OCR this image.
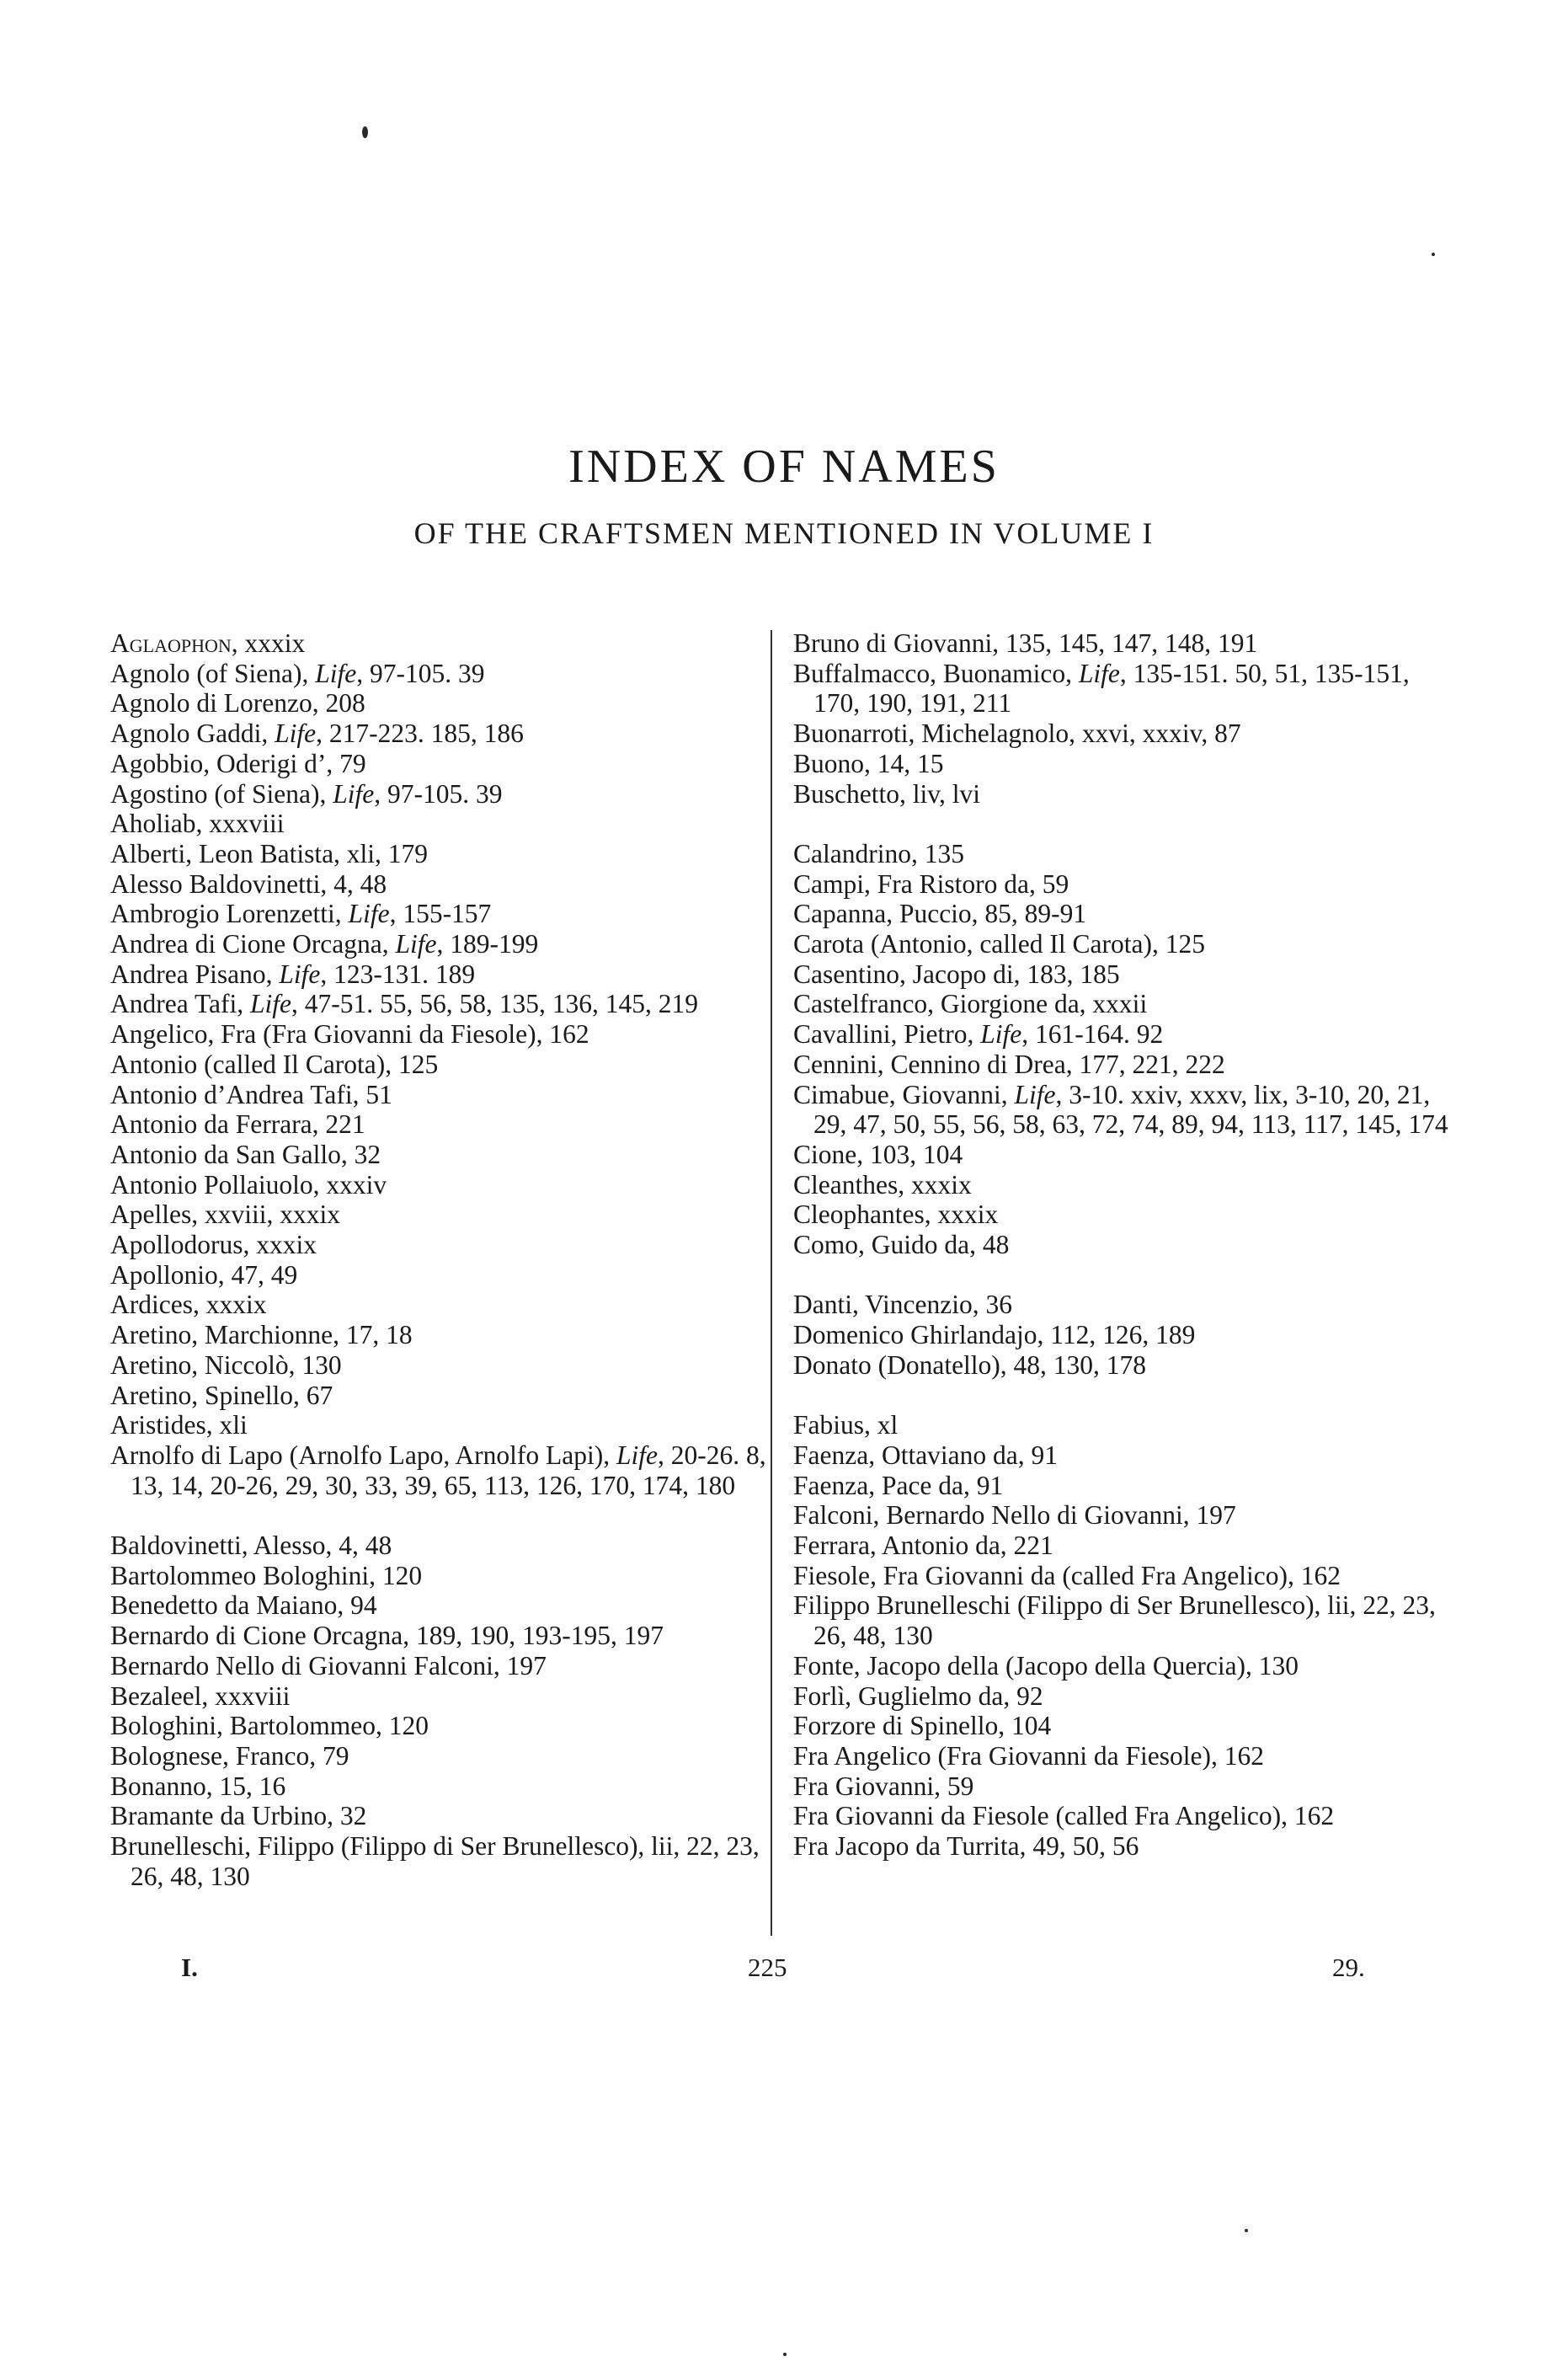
INDEX OF NAMES
OF THE CRAFTSMEN MENTIONED IN VOLUME I
Aglaophon, xxxix
Agnolo (of Siena), Life, 97-105. 39
Agnolo di Lorenzo, 208
Agnolo Gaddi, Life, 217-223. 185, 186
Agobbio, Oderigi d’, 79
Agostino (of Siena), Life, 97-105. 39
Aholiab, xxxviii
Alberti, Leon Batista, xli, 179
Alesso Baldovinetti, 4, 48
Ambrogio Lorenzetti, Life, 155-157
Andrea di Cione Orcagna, Life, 189-199
Andrea Pisano, Life, 123-131. 189
Andrea Tafi, Life, 47-51. 55, 56, 58, 135, 136, 145, 219
Angelico, Fra (Fra Giovanni da Fiesole), 162
Antonio (called Il Carota), 125
Antonio d’Andrea Tafi, 51
Antonio da Ferrara, 221
Antonio da San Gallo, 32
Antonio Pollaiuolo, xxxiv
Apelles, xxviii, xxxix
Apollodorus, xxxix
Apollonio, 47, 49
Ardices, xxxix
Aretino, Marchionne, 17, 18
Aretino, Niccolò, 130
Aretino, Spinello, 67
Aristides, xli
Arnolfo di Lapo (Arnolfo Lapo, Arnolfo Lapi), Life, 20-26. 8, 13, 14, 20-26, 29, 30, 33, 39, 65, 113, 126, 170, 174, 180
Baldovinetti, Alesso, 4, 48
Bartolommeo Bologhini, 120
Benedetto da Maiano, 94
Bernardo di Cione Orcagna, 189, 190, 193-195, 197
Bernardo Nello di Giovanni Falconi, 197
Bezaleel, xxxviii
Bologhini, Bartolommeo, 120
Bolognese, Franco, 79
Bonanno, 15, 16
Bramante da Urbino, 32
Brunelleschi, Filippo (Filippo di Ser Brunellesco), lii, 22, 23, 26, 48, 130
Bruno di Giovanni, 135, 145, 147, 148, 191
Buffalmacco, Buonamico, Life, 135-151. 50, 51, 135-151, 170, 190, 191, 211
Buonarroti, Michelagnolo, xxvi, xxxiv, 87
Buono, 14, 15
Buschetto, liv, lvi
Calandrino, 135
Campi, Fra Ristoro da, 59
Capanna, Puccio, 85, 89-91
Carota (Antonio, called Il Carota), 125
Casentino, Jacopo di, 183, 185
Castelfranco, Giorgione da, xxxii
Cavallini, Pietro, Life, 161-164. 92
Cennini, Cennino di Drea, 177, 221, 222
Cimabue, Giovanni, Life, 3-10. xxiv, xxxv, lix, 3-10, 20, 21, 29, 47, 50, 55, 56, 58, 63, 72, 74, 89, 94, 113, 117, 145, 174
Cione, 103, 104
Cleanthes, xxxix
Cleophantes, xxxix
Como, Guido da, 48
Danti, Vincenzio, 36
Domenico Ghirlandajo, 112, 126, 189
Donato (Donatello), 48, 130, 178
Fabius, xl
Faenza, Ottaviano da, 91
Faenza, Pace da, 91
Falconi, Bernardo Nello di Giovanni, 197
Ferrara, Antonio da, 221
Fiesole, Fra Giovanni da (called Fra Angelico), 162
Filippo Brunelleschi (Filippo di Ser Brunellesco), lii, 22, 23, 26, 48, 130
Fonte, Jacopo della (Jacopo della Quercia), 130
Forlì, Guglielmo da, 92
Forzore di Spinello, 104
Fra Angelico (Fra Giovanni da Fiesole), 162
Fra Giovanni, 59
Fra Giovanni da Fiesole (called Fra Angelico), 162
Fra Jacopo da Turrita, 49, 50, 56
I.	225	29.
